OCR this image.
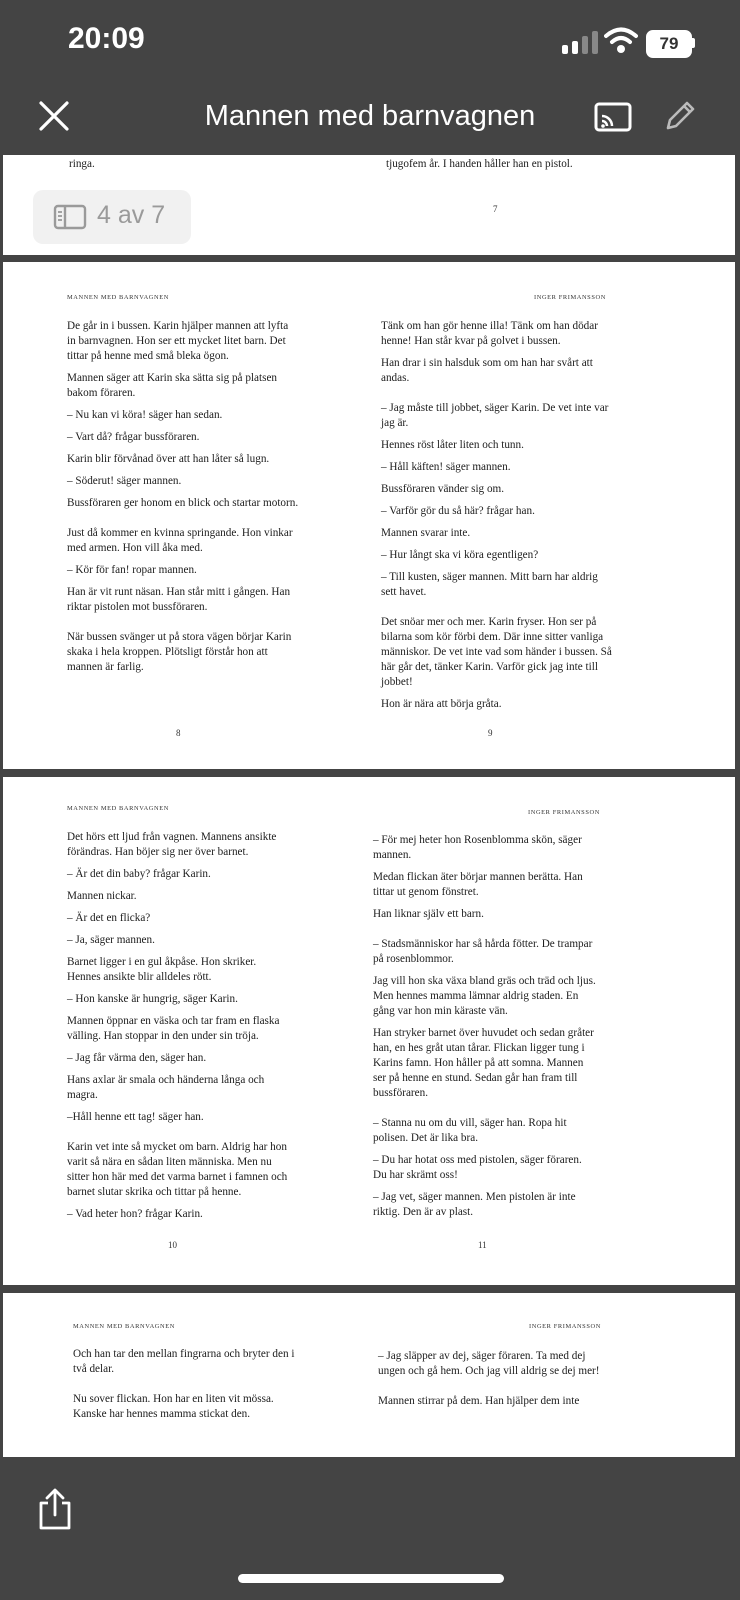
20:09	79
Mannen med barnvagnen
ringa.	tjugofem år. I handen håller han en pistol.
7
MANNEN MED BARNVAGNEN	INGER FRIMANSSON

De går in i bussen. Karin hjälper mannen att lyfta in barnvagnen. Hon ser ett mycket litet barn. Det tittar på henne med små bleka ögon.

Mannen säger att Karin ska sätta sig på platsen bakom föraren.

– Nu kan vi köra! säger han sedan.

– Vart då? frågar bussföraren.

Karin blir förvånad över att han låter så lugn.

– Söderut! säger mannen.

Bussföraren ger honom en blick och startar motorn.

Just då kommer en kvinna springande. Hon vinkar med armen. Hon vill åka med.

– Kör för fan! ropar mannen.

Han är vit runt näsan. Han står mitt i gången. Han riktar pistolen mot bussföraren.

När bussen svänger ut på stora vägen börjar Karin skaka i hela kroppen. Plötsligt förstår hon att mannen är farlig.

Tänk om han gör henne illa! Tänk om han dödar henne! Han står kvar på golvet i bussen.

Han drar i sin halsduk som om han har svårt att andas.

– Jag måste till jobbet, säger Karin. De vet inte var jag är.

Hennes röst låter liten och tunn.

– Håll käften! säger mannen.

Bussföraren vänder sig om.

– Varför gör du så här? frågar han.

Mannen svarar inte.

– Hur långt ska vi köra egentligen?

– Till kusten, säger mannen. Mitt barn har aldrig sett havet.

Det snöar mer och mer. Karin fryser. Hon ser på bilarna som kör förbi dem. Där inne sitter vanliga människor. De vet inte vad som händer i bussen. Så här går det, tänker Karin. Varför gick jag inte till jobbet!

Hon är nära att börja gråta.

8	9
MANNEN MED BARNVAGNEN
INGER FRIMANSSON

Det hörs ett ljud från vagnen. Mannens ansikte förändras. Han böjer sig ner över barnet.

– Är det din baby? frågar Karin.

Mannen nickar.

– Är det en flicka?

– Ja, säger mannen.

Barnet ligger i en gul åkpåse. Hon skriker. Hennes ansikte blir alldeles rött.

– Hon kanske är hungrig, säger Karin.

Mannen öppnar en väska och tar fram en flaska välling. Han stoppar in den under sin tröja.

– Jag får värma den, säger han.

Hans axlar är smala och händerna långa och magra.

–Håll henne ett tag! säger han.

Karin vet inte så mycket om barn. Aldrig har hon varit så nära en sådan liten människa. Men nu sitter hon här med det varma barnet i famnen och barnet slutar skrika och tittar på henne.

– Vad heter hon? frågar Karin.

– För mej heter hon Rosenblomma skön, säger mannen.

Medan flickan äter börjar mannen berätta. Han tittar ut genom fönstret.

Han liknar själv ett barn.

– Stadsmänniskor har så hårda fötter. De trampar på rosenblommor.

Jag vill hon ska växa bland gräs och träd och ljus. Men hennes mamma lämnar aldrig staden. En gång var hon min käraste vän.

Han stryker barnet över huvudet och sedan gråter han, en hes gråt utan tårar. Flickan ligger tung i Karins famn. Hon håller på att somna. Mannen ser på henne en stund. Sedan går han fram till bussföraren.

– Stanna nu om du vill, säger han. Ropa hit polisen. Det är lika bra.

– Du har hotat oss med pistolen, säger föraren. Du har skrämt oss!

– Jag vet, säger mannen. Men pistolen är inte riktig. Den är av plast.

10	11
MANNEN MED BARNVAGNEN	INGER FRIMANSSON

Och han tar den mellan fingrarna och bryter den i två delar.

Nu sover flickan. Hon har en liten vit mössa. Kanske har hennes mamma stickat den.

– Jag släpper av dej, säger föraren. Ta med dej ungen och gå hem. Och jag vill aldrig se dej mer!

Mannen stirrar på dem. Han hjälper dem inte

4 av 7
